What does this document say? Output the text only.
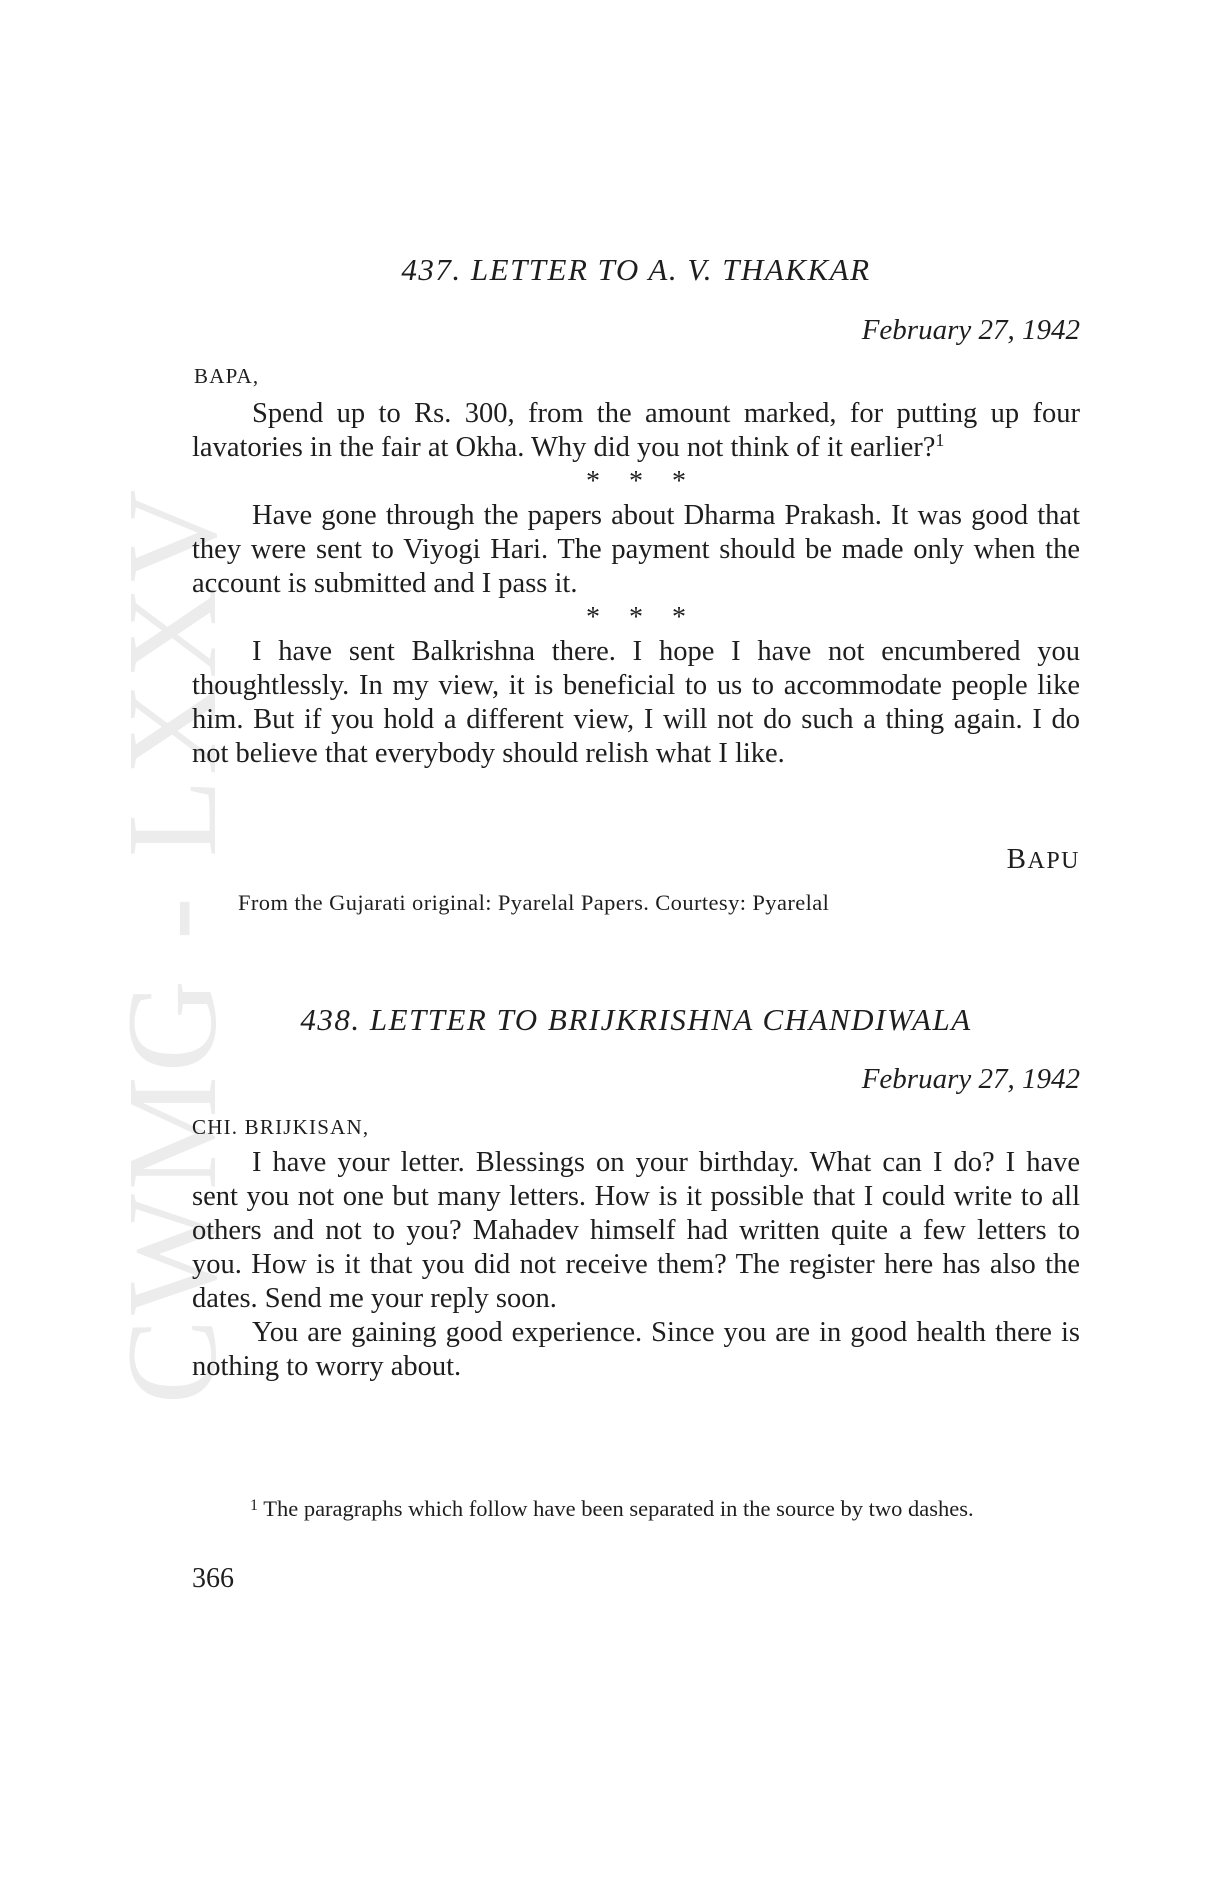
CWMG - LXXV
437. LETTER TO A. V. THAKKAR
February 27, 1942
BAPA,

Spend up to Rs. 300, from the amount marked, for putting up four lavatories in the fair at Okha. Why did you not think of it earlier?$^1$

* * *

Have gone through the papers about Dharma Prakash. It was good that they were sent to Viyogi Hari. The payment should be made only when the account is submitted and I pass it.

* * *

I have sent Balkrishna there. I hope I have not encumbered you thoughtlessly. In my view, it is beneficial to us to accommodate people like him. But if you hold a different view, I will not do such a thing again. I do not believe that everybody should relish what I like.

BAPU
From the Gujarati original: Pyarelal Papers. Courtesy: Pyarelal
438. LETTER TO BRIJKRISHNA CHANDIWALA
February 27, 1942
CHI. BRIJKISAN,

I have your letter. Blessings on your birthday. What can I do? I have sent you not one but many letters. How is it possible that I could write to all others and not to you? Mahadev himself had written quite a few letters to you. How is it that you did not receive them? The register here has also the dates. Send me your reply soon.

You are gaining good experience. Since you are in good health there is nothing to worry about.

$^1$ The paragraphs which follow have been separated in the source by two dashes.

366
